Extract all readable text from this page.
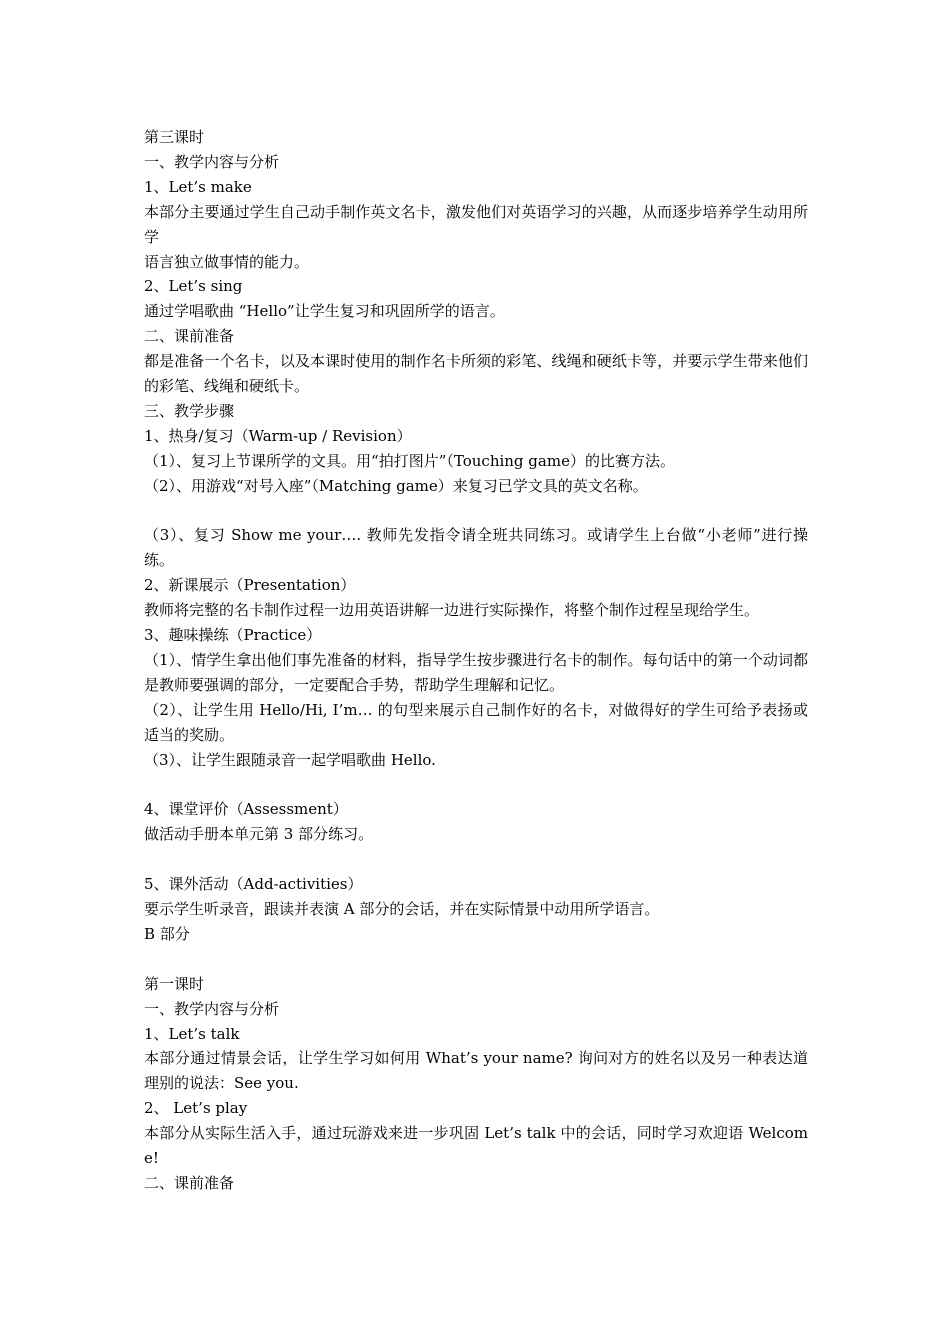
第三课时
一、教学内容与分析
1、Let’s make
本部分主要通过学生自己动手制作英文名卡，激发他们对英语学习的兴趣，从而逐步培养学生动用所学
语言独立做事情的能力。
2、Let’s sing
通过学唱歌曲 “Hello”让学生复习和巩固所学的语言。
二、课前准备
都是准备一个名卡，以及本课时使用的制作名卡所须的彩笔、线绳和硬纸卡等，并要示学生带来他们的彩笔、线绳和硬纸卡。
三、教学步骤
1、热身/复习（Warm-up / Revision）
（1）、复习上节课所学的文具。用“拍打图片”（Touching game）的比赛方法。
（2）、用游戏“对号入座”（Matching game）来复习已学文具的英文名称。
（3）、复习 Show me your…. 教师先发指令请全班共同练习。或请学生上台做“小老师”进行操练。
2、新课展示（Presentation）
教师将完整的名卡制作过程一边用英语讲解一边进行实际操作，将整个制作过程呈现给学生。
3、趣味操练（Practice）
（1）、情学生拿出他们事先准备的材料，指导学生按步骤进行名卡的制作。每句话中的第一个动词都是教师要强调的部分，一定要配合手势，帮助学生理解和记忆。
（2）、让学生用 Hello/Hi, I’m… 的句型来展示自己制作好的名卡，对做得好的学生可给予表扬或适当的奖励。
（3）、让学生跟随录音一起学唱歌曲 Hello.
4、课堂评价（Assessment）
做活动手册本单元第 3 部分练习。
5、课外活动（Add-activities）
要示学生听录音，跟读并表演 A 部分的会话，并在实际情景中动用所学语言。
B 部分
第一课时
一、教学内容与分析
1、Let’s talk
本部分通过情景会话，让学生学习如何用 What’s your name? 询问对方的姓名以及另一种表达道理别的说法：See you.
2、 Let’s play
本部分从实际生活入手，通过玩游戏来进一步巩固 Let’s talk 中的会话，同时学习欢迎语 Welcome!
二、课前准备
